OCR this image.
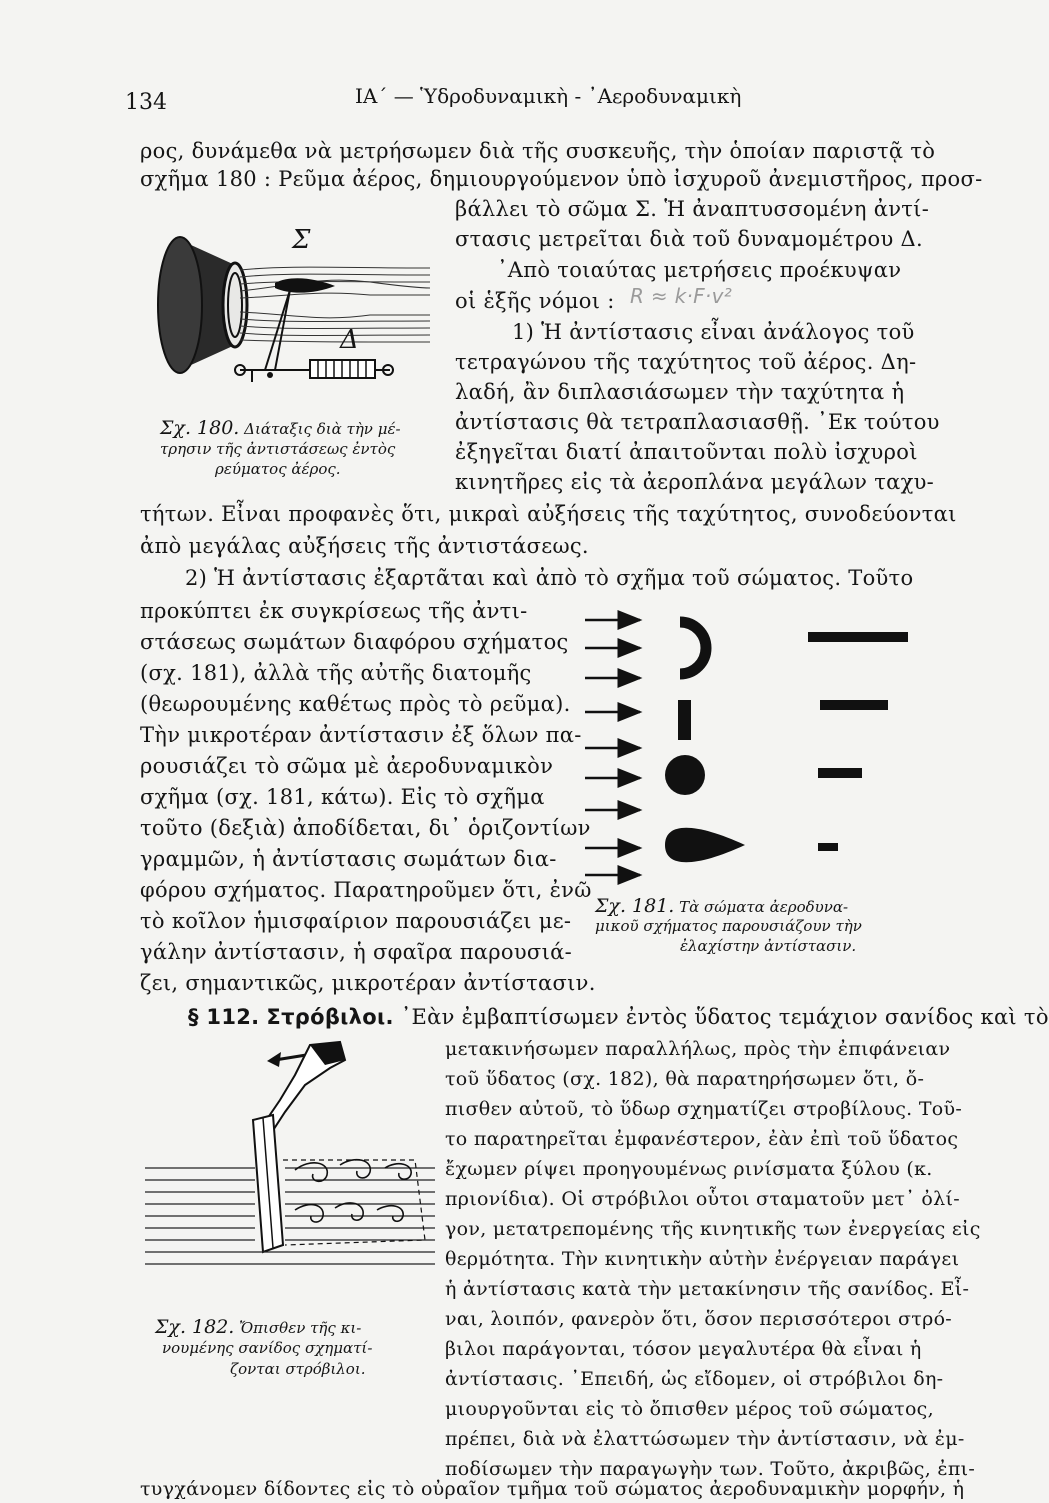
134	ΙΑ΄ — Ὑδροδυναμικὴ - ᾿Αεροδυναμικὴ
ρος, δυνάμεθα νὰ μετρήσωμεν διὰ τῆς συσκευῆς, τὴν ὁποίαν παριστᾷ τὸ
σχῆμα 180 : Ρεῦμα ἀέρος, δημιουργούμενον ὑπὸ ἰσχυροῦ ἀνεμιστῆρος, προσ-
βάλλει τὸ σῶμα Σ. Ἡ ἀναπτυσσομένη ἀντί-
στασις μετρεῖται διὰ τοῦ δυναμομέτρου Δ.
᾿Απὸ τοιαύτας μετρήσεις προέκυψαν
οἱ ἑξῆς νόμοι : R ≈ k·F·v²
1) Ἡ ἀντίστασις εἶναι ἀνάλογος τοῦ
τετραγώνου τῆς ταχύτητος τοῦ ἀέρος. Δη-
λαδή, ἂν διπλασιάσωμεν τὴν ταχύτητα ἡ
ἀντίστασις θὰ τετραπλασιασθῇ. ᾿Εκ τούτου
ἐξηγεῖται διατί ἀπαιτοῦνται πολὺ ἰσχυροὶ
κινητῆρες εἰς τὰ ἀεροπλάνα μεγάλων ταχυ-
Σ
Δ
Σχ. 180. Διάταξις διὰ τὴν μέ-
τρησιν τῆς ἀντιστάσεως ἐντὸς
ρεύματος ἀέρος.
τήτων. Εἶναι προφανὲς ὅτι, μικραὶ αὐξήσεις τῆς ταχύτητος, συνοδεύονται
ἀπὸ μεγάλας αὐξήσεις τῆς ἀντιστάσεως.
2) Ἡ ἀντίστασις ἐξαρτᾶται καὶ ἀπὸ τὸ σχῆμα τοῦ σώματος. Τοῦτο
προκύπτει ἐκ συγκρίσεως τῆς ἀντι-
στάσεως σωμάτων διαφόρου σχήματος
(σχ. 181), ἀλλὰ τῆς αὐτῆς διατομῆς
(θεωρουμένης καθέτως πρὸς τὸ ρεῦμα).
Τὴν μικροτέραν ἀντίστασιν ἐξ ὅλων πα-
ρουσιάζει τὸ σῶμα μὲ ἀεροδυναμικὸν
σχῆμα (σχ. 181, κάτω). Εἰς τὸ σχῆμα
τοῦτο (δεξιὰ) ἀποδίδεται, δι᾿ ὁριζοντίων
γραμμῶν, ἡ ἀντίστασις σωμάτων δια-
φόρου σχήματος. Παρατηροῦμεν ὅτι, ἐνῶ
τὸ κοῖλον ἡμισφαίριον παρουσιάζει με-
γάλην ἀντίστασιν, ἡ σφαῖρα παρουσιά-
ζει, σημαντικῶς, μικροτέραν ἀντίστασιν.
Σχ. 181. Τὰ σώματα ἀεροδυνα-
μικοῦ σχήματος παρουσιάζουν τὴν
ἐλαχίστην ἀντίστασιν.
§ 112. Στρόβιλοι. ᾿Εὰν ἐμβαπτίσωμεν ἐντὸς ὕδατος τεμάχιον σανίδος καὶ τὸ
μετακινήσωμεν παραλλήλως, πρὸς τὴν ἐπιφάνειαν
τοῦ ὕδατος (σχ. 182), θὰ παρατηρήσωμεν ὅτι, ὄ-
πισθεν αὐτοῦ, τὸ ὕδωρ σχηματίζει στροβίλους. Τοῦ-
το παρατηρεῖται ἐμφανέστερον, ἐὰν ἐπὶ τοῦ ὕδατος
ἔχωμεν ρίψει προηγουμένως ρινίσματα ξύλου (κ.
πριονίδια). Οἱ στρόβιλοι οὗτοι σταματοῦν μετ᾿ ὀλί-
γον, μετατρεπομένης τῆς κινητικῆς των ἐνεργείας εἰς
θερμότητα. Τὴν κινητικὴν αὐτὴν ἐνέργειαν παράγει
ἡ ἀντίστασις κατὰ τὴν μετακίνησιν τῆς σανίδος. Εἶ-
ναι, λοιπόν, φανερὸν ὅτι, ὅσον περισσότεροι στρό-
βιλοι παράγονται, τόσον μεγαλυτέρα θὰ εἶναι ἡ
ἀντίστασις. ᾿Επειδή, ὡς εἴδομεν, οἱ στρόβιλοι δη-
μιουργοῦνται εἰς τὸ ὄπισθεν μέρος τοῦ σώματος,
πρέπει, διὰ νὰ ἐλαττώσωμεν τὴν ἀντίστασιν, νὰ ἐμ-
ποδίσωμεν τὴν παραγωγὴν των. Τοῦτο, ἀκριβῶς, ἐπι-
Σχ. 182. Ὄπισθεν τῆς κι-
νουμένης σανίδος σχηματί-
ζονται στρόβιλοι.
τυγχάνομεν δίδοντες εἰς τὸ οὐραῖον τμῆμα τοῦ σώματος ἀεροδυναμικὴν μορφήν, ἡ
